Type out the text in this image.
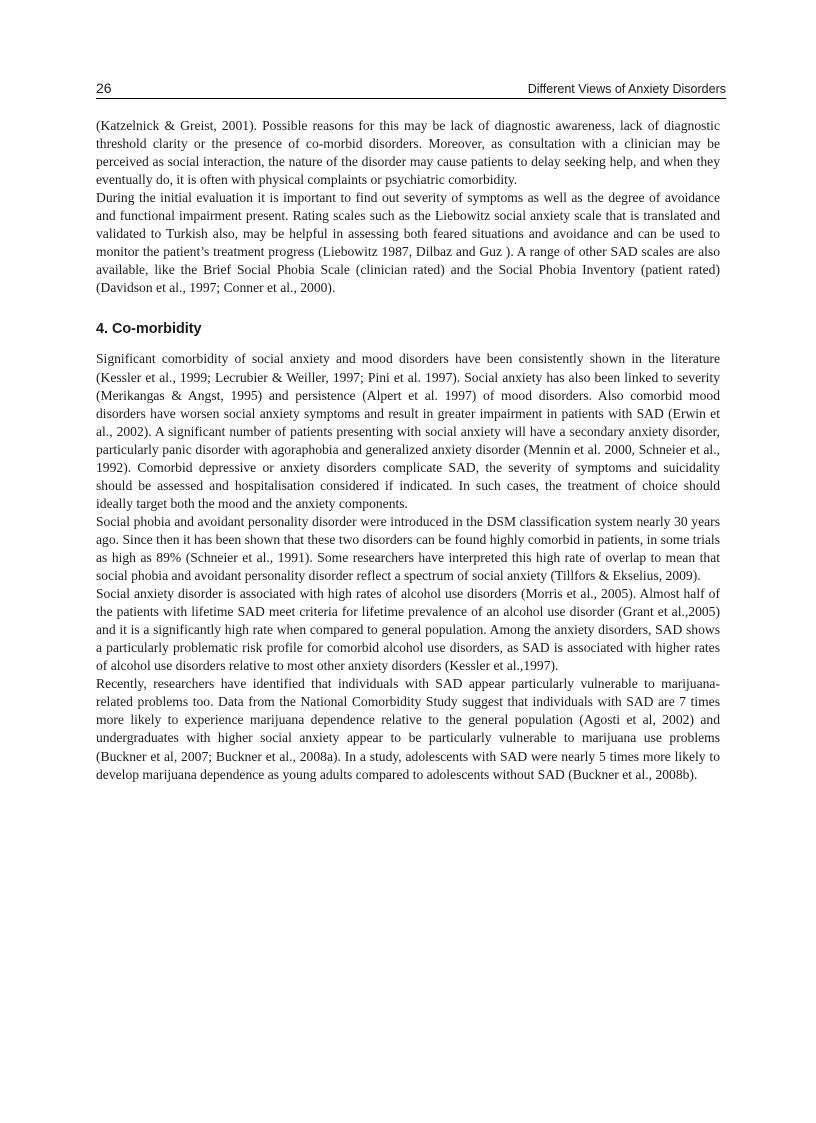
26	Different Views of Anxiety Disorders

(Katzelnick & Greist, 2001). Possible reasons for this may be lack of diagnostic awareness, lack of diagnostic threshold clarity or the presence of co-morbid disorders. Moreover, as consultation with a clinician may be perceived as social interaction, the nature of the disorder may cause patients to delay seeking help, and when they eventually do, it is often with physical complaints or psychiatric comorbidity.

During the initial evaluation it is important to find out severity of symptoms as well as the degree of avoidance and functional impairment present. Rating scales such as the Liebowitz social anxiety scale that is translated and validated to Turkish also, may be helpful in assessing both feared situations and avoidance and can be used to monitor the patient’s treatment progress (Liebowitz 1987, Dilbaz and Guz ). A range of other SAD scales are also available, like the Brief Social Phobia Scale (clinician rated) and the Social Phobia Inventory (patient rated) (Davidson et al., 1997; Conner et al., 2000).

4. Co-morbidity

Significant comorbidity of social anxiety and mood disorders have been consistently shown in the literature (Kessler et al., 1999; Lecrubier & Weiller, 1997; Pini et al. 1997). Social anxiety has also been linked to severity (Merikangas & Angst, 1995) and persistence (Alpert et al. 1997) of mood disorders. Also comorbid mood disorders have worsen social anxiety symptoms and result in greater impairment in patients with SAD (Erwin et al., 2002). A significant number of patients presenting with social anxiety will have a secondary anxiety disorder, particularly panic disorder with agoraphobia and generalized anxiety disorder (Mennin et al. 2000, Schneier et al., 1992). Comorbid depressive or anxiety disorders complicate SAD, the severity of symptoms and suicidality should be assessed and hospitalisation considered if indicated. In such cases, the treatment of choice should ideally target both the mood and the anxiety components.

Social phobia and avoidant personality disorder were introduced in the DSM classification system nearly 30 years ago. Since then it has been shown that these two disorders can be found highly comorbid in patients, in some trials as high as 89% (Schneier et al., 1991). Some researchers have interpreted this high rate of overlap to mean that social phobia and avoidant personality disorder reflect a spectrum of social anxiety (Tillfors & Ekselius, 2009).

Social anxiety disorder is associated with high rates of alcohol use disorders (Morris et al., 2005). Almost half of the patients with lifetime SAD meet criteria for lifetime prevalence of an alcohol use disorder (Grant et al.,2005) and it is a significantly high rate when compared to general population. Among the anxiety disorders, SAD shows a particularly problematic risk profile for comorbid alcohol use disorders, as SAD is associated with higher rates of alcohol use disorders relative to most other anxiety disorders (Kessler et al.,1997).

Recently, researchers have identified that individuals with SAD appear particularly vulnerable to marijuana-related problems too. Data from the National Comorbidity Study suggest that individuals with SAD are 7 times more likely to experience marijuana dependence relative to the general population (Agosti et al, 2002) and undergraduates with higher social anxiety appear to be particularly vulnerable to marijuana use problems (Buckner et al, 2007; Buckner et al., 2008a). In a study, adolescents with SAD were nearly 5 times more likely to develop marijuana dependence as young adults compared to adolescents without SAD (Buckner et al., 2008b).
